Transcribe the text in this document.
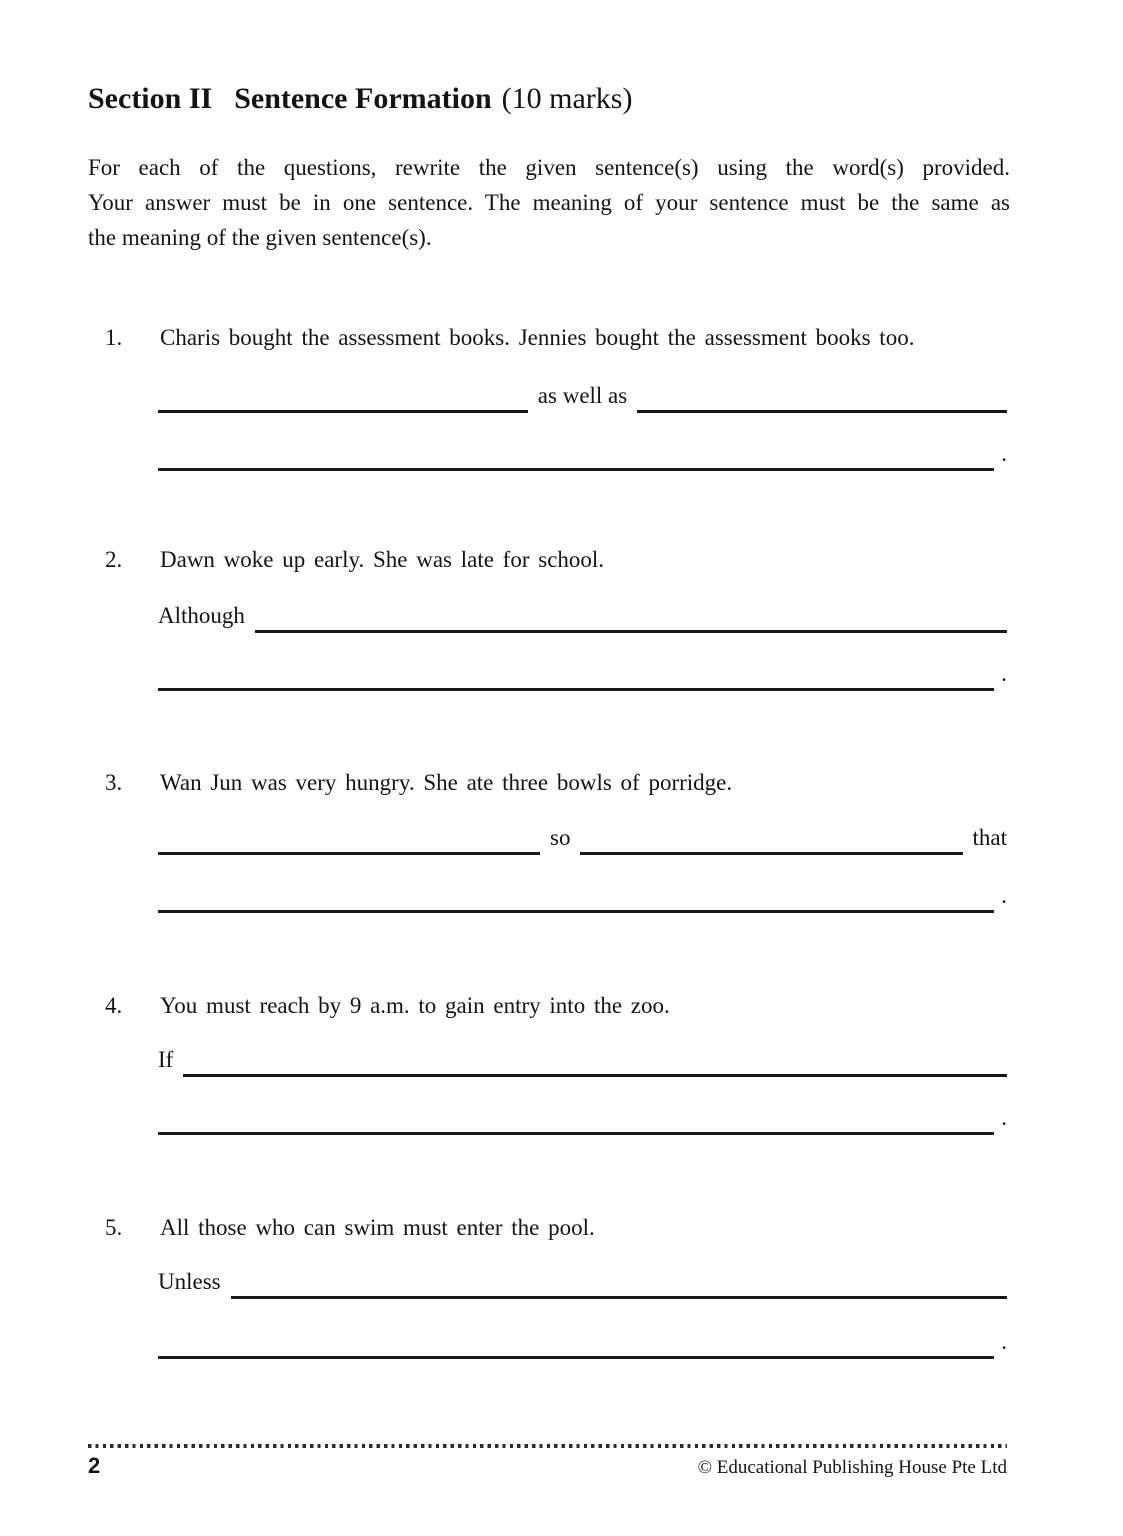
Section II Sentence Formation (10 marks)
For each of the questions, rewrite the given sentence(s) using the word(s) provided.
Your answer must be in one sentence. The meaning of your sentence must be the same as
the meaning of the given sentence(s).
1.	Charis bought the assessment books. Jennies bought the assessment books too.
as well as
.
2.	Dawn woke up early. She was late for school.
Although
.
3.	Wan Jun was very hungry. She ate three bowls of porridge.
so	that
.
4.	You must reach by 9 a.m. to gain entry into the zoo.
If
.
5.	All those who can swim must enter the pool.
Unless
.
2	© Educational Publishing House Pte Ltd
